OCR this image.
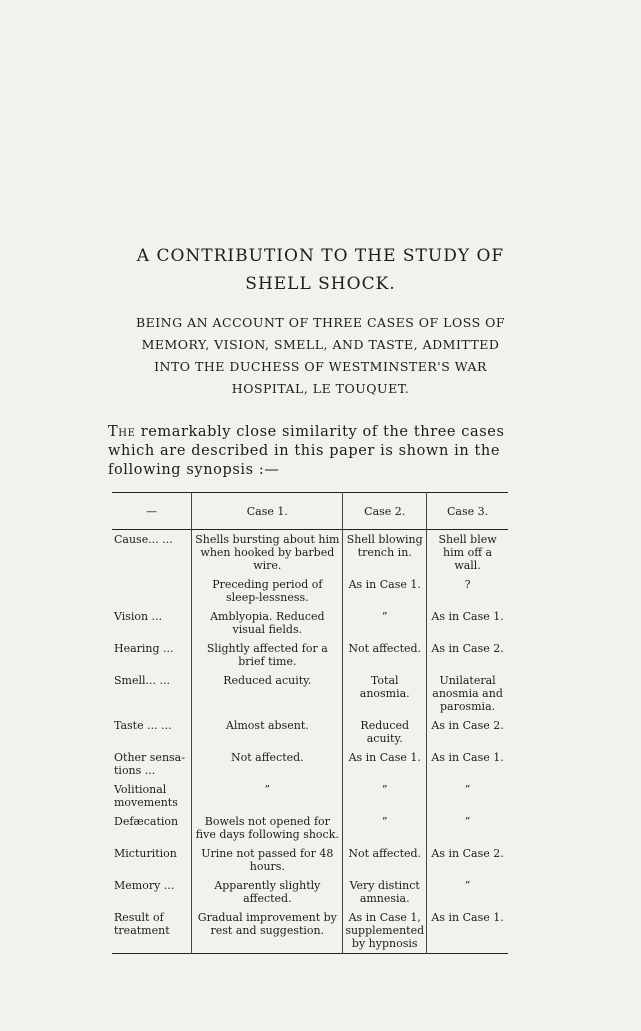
A CONTRIBUTION TO THE STUDY OF
SHELL SHOCK.
BEING AN ACCOUNT OF THREE CASES OF LOSS OF
MEMORY, VISION, SMELL, AND TASTE, ADMITTED
INTO THE DUCHESS OF WESTMINSTER'S WAR
HOSPITAL, LE TOUQUET.
The remarkably close similarity of the three cases which are described in this paper is shown in the following synopsis :—
—	Case 1.	Case 2.	Case 3.
Cause... ...	Shells bursting about him when hooked by barbed wire.	Shell blowing trench in.	Shell blew him off a wall.
	Preceding period of sleep-lessness.	As in Case 1.	?
Vision ...	Amblyopia. Reduced visual fields.	”	As in Case 1.
Hearing ...	Slightly affected for a brief time.	Not affected.	As in Case 2.
Smell... ...	Reduced acuity.	Total anosmia.	Unilateral anosmia and parosmia.
Taste ... ...	Almost absent.	Reduced acuity.	As in Case 2.
Other sensa-tions ...	Not affected.	As in Case 1.	As in Case 1.
Volitional movements	”	”	”
Defæcation	Bowels not opened for five days following shock.	”	”
Micturition	Urine not passed for 48 hours.	Not affected.	As in Case 2.
Memory ...	Apparently slightly affected.	Very distinct amnesia.	”
Result of treatment	Gradual improvement by rest and suggestion.	As in Case 1, supplemented by hypnosis	As in Case 1.
